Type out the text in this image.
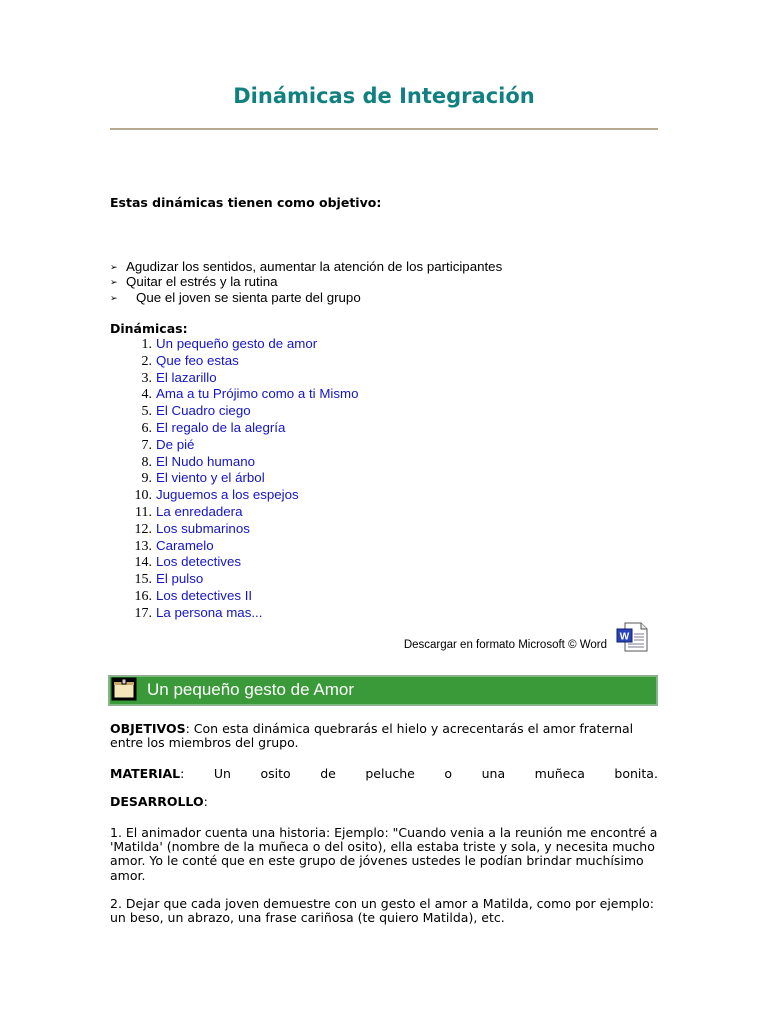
Dinámicas de Integración
Estas dinámicas tienen como objetivo:
➢ Agudizar los sentidos, aumentar la atención de los participantes
➢ Quitar el estrés y la rutina
➢ Que el joven se sienta parte del grupo
Dinámicas:
1. Un pequeño gesto de amor
2. Que feo estas
3. El lazarillo
4. Ama a tu Prójimo como a ti Mismo
5. El Cuadro ciego
6. El regalo de la alegría
7. De pié
8. El Nudo humano
9. El viento y el árbol
10. Juguemos a los espejos
11. La enredadera
12. Los submarinos
13. Caramelo
14. Los detectives
15. El pulso
16. Los detectives II
17. La persona mas...
Descargar en formato Microsoft © Word
W
Un pequeño gesto de Amor
OBJETIVOS: Con esta dinámica quebrarás el hielo y acrecentarás el amor fraternal entre los miembros del grupo.
MATERIAL: Un osito de peluche o una muñeca bonita.
DESARROLLO:
1. El animador cuenta una historia: Ejemplo: "Cuando venia a la reunión me encontré a 'Matilda' (nombre de la muñeca o del osito), ella estaba triste y sola, y necesita mucho amor. Yo le conté que en este grupo de jóvenes ustedes le podían brindar muchísimo amor.
2. Dejar que cada joven demuestre con un gesto el amor a Matilda, como por ejemplo: un beso, un abrazo, una frase cariñosa (te quiero Matilda), etc.
